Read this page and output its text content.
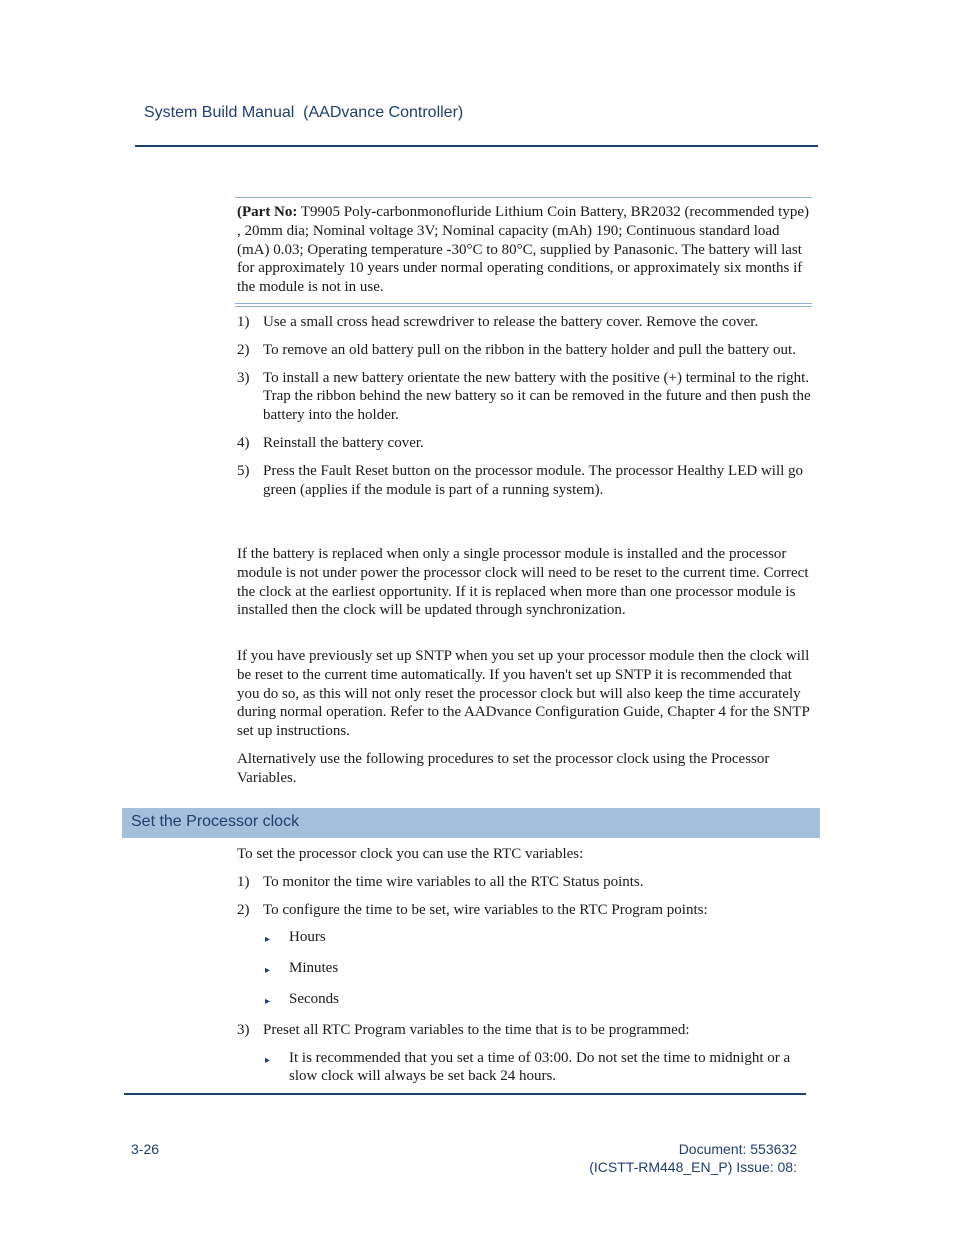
System Build Manual  (AADvance Controller)

(Part No: T9905 Poly-carbonmonofluride Lithium Coin Battery, BR2032 (recommended type) , 20mm dia; Nominal voltage 3V; Nominal capacity (mAh) 190; Continuous standard load (mA) 0.03; Operating temperature -30°C to 80°C, supplied by Panasonic. The battery will last for approximately 10 years under normal operating conditions, or approximately six months if the module is not in use.

1) Use a small cross head screwdriver to release the battery cover. Remove the cover.
2) To remove an old battery pull on the ribbon in the battery holder and pull the battery out.
3) To install a new battery orientate the new battery with the positive (+) terminal to the right. Trap the ribbon behind the new battery so it can be removed in the future and then push the battery into the holder.
4) Reinstall the battery cover.
5) Press the Fault Reset button on the processor module. The processor Healthy LED will go green (applies if the module is part of a running system).

If the battery is replaced when only a single processor module is installed and the processor module is not under power the processor clock will need to be reset to the current time. Correct the clock at the earliest opportunity. If it is replaced when more than one processor module is installed then the clock will be updated through synchronization.

If you have previously set up SNTP when you set up your processor module then the clock will be reset to the current time automatically. If you haven't set up SNTP it is recommended that you do so, as this will not only reset the processor clock but will also keep the time accurately during normal operation. Refer to the AADvance Configuration Guide, Chapter 4 for the SNTP set up instructions.

Alternatively use the following procedures to set the processor clock using the Processor Variables.

Set the Processor clock

To set the processor clock you can use the RTC variables:

1) To monitor the time wire variables to all the RTC Status points.
2) To configure the time to be set, wire variables to the RTC Program points:
▸	Hours
▸	Minutes
▸	Seconds
3) Preset all RTC Program variables to the time that is to be programmed:
▸	It is recommended that you set a time of 03:00. Do not set the time to midnight or a slow clock will always be set back 24 hours.
3-26	Document: 553632
(ICSTT-RM448_EN_P) Issue: 08:
